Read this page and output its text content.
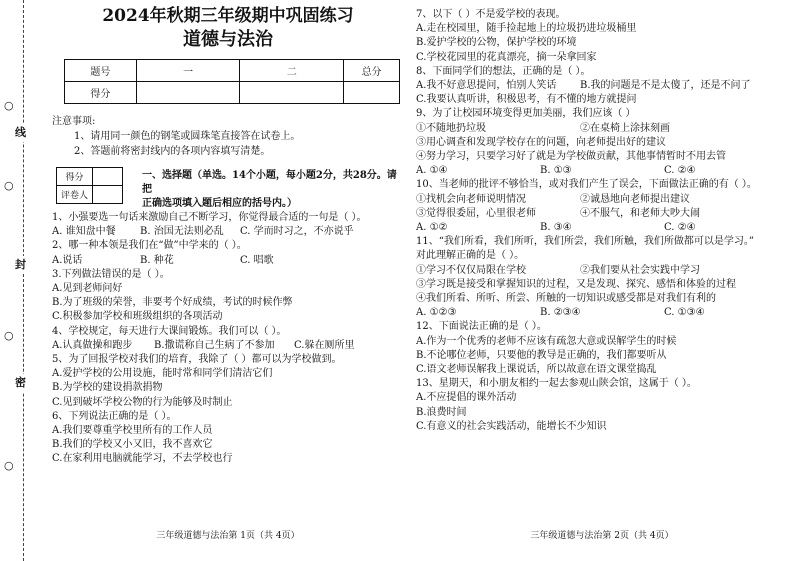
○
线
○
封
○
密
○
2024年秋期三年级期中巩固练习
道德与法治
题号	一	二	总分
得分			
注意事项:
1、请用同一颜色的钢笔或圆珠笔直接答在试卷上。
2、答题前将密封线内的各项内容填写清楚。
得分	
评卷人	

一、选择题（单选。14个小题，每小题2分，共28分。请把

正确选项填入题后相应的括号内。）

1、小强要选一句话来激励自己不断学习，你觉得最合适的一句是（ ）。

A. 谁知盘中餐	B. 治国无法则必乱	C. 学而时习之，不亦说乎

2、哪一种本领是我们在“做”中学来的（ ）。

A.说话	B. 种花	C. 唱歌

3.下列做法错误的是（ ）。

A.见到老师问好

B.为了班级的荣誉，非要考个好成绩，考试的时候作弊

C.积极参加学校和班级组织的各项活动

4、学校规定，每天进行大课间锻炼。我们可以（ ）。

A.认真做操和跑步	B.撒谎称自己生病了不参加	C.躲在厕所里

5、为了回报学校对我们的培育，我除了（ ）都可以为学校做到。

A.爱护学校的公用设施，能时常和同学们清洁它们

B.为学校的建设捐款捐物

C.见到破坏学校公物的行为能够及时制止

6、下列说法正确的是（ ）。

A.我们要尊重学校里所有的工作人员

B.我们的学校又小又旧，我不喜欢它

C.在家利用电脑就能学习，不去学校也行

三年级道德与法治第 1页（共 4页）

7、以下（ ）不是爱学校的表现。

A.走在校园里，随手捡起地上的垃圾扔进垃圾桶里

B.爱护学校的公物，保护学校的环境

C.学校花园里的花真漂亮，摘一朵拿回家

8、下面同学们的想法，正确的是（ ）。

A.我不好意思提问，怕别人笑话	B.我的问题是不是太傻了，还是不问了

C.我要认真听讲，积极思考，有不懂的地方就提问

9、为了让校园环境变得更加美丽，我们应该（ ）

①不随地扔垃圾	②在桌椅上涂抹刻画

③用心调查和发现学校存在的问题，向老师提出好的建议

④努力学习，只要学习好了就是为学校做贡献，其他事情暂时不用去管

A. ①④	B. ①③	C. ②④

10、当老师的批评不够恰当，或对我们产生了误会，下面做法正确的有（ ）。

①找机会向老师说明情况	②诚恳地向老师提出建议
③觉得很委屈，心里很老师	④不服气，和老师大吵大闹
A. ①②	B. ③④	C. ②④

11、“我们所看，我们所听，我们所尝，我们所触，我们所做都可以是学习。”

对此理解正确的是（ ）。

①学习不仅仅局限在学校	②我们要从社会实践中学习

③学习既是接受和掌握知识的过程，又是发现、探究、感悟和体验的过程

④我们所看、所听、所尝、所触的一切知识或感受都是对我们有利的

A. ①②③	B. ②③④	C. ①③④

12、下面说法正确的是（ ）。

A.作为一个优秀的老师不应该有疏忽大意或误解学生的时候

B.不论哪位老师，只要他的教导是正确的，我们都要听从

C.语文老师误解我上课说话，所以故意在语文课堂捣乱

13、星期天，和小朋友相约一起去参观山陕会馆，这属于（ ）。

A.不应提倡的课外活动

B.浪费时间

C.有意义的社会实践活动，能增长不少知识

三年级道德与法治第 2页（共 4页）
